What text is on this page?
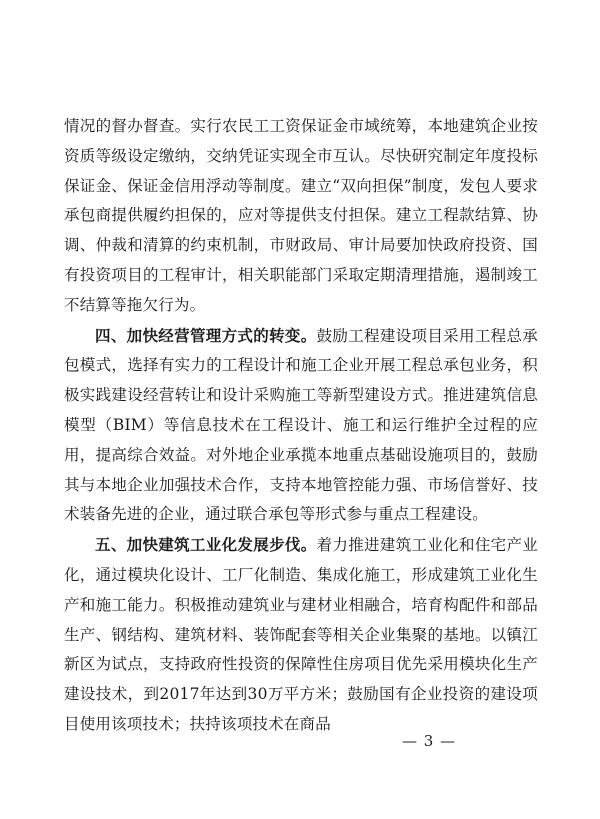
情况的督办督查。实行农民工工资保证金市域统筹，本地建筑企业按资质等级设定缴纳，交纳凭证实现全市互认。尽快研究制定年度投标保证金、保证金信用浮动等制度。建立“双向担保”制度，发包人要求承包商提供履约担保的，应对等提供支付担保。建立工程款结算、协调、仲裁和清算的约束机制，市财政局、审计局要加快政府投资、国有投资项目的工程审计，相关职能部门采取定期清理措施，遏制竣工不结算等拖欠行为。

四、加快经营管理方式的转变。鼓励工程建设项目采用工程总承包模式，选择有实力的工程设计和施工企业开展工程总承包业务，积极实践建设经营转让和设计采购施工等新型建设方式。推进建筑信息模型（BIM）等信息技术在工程设计、施工和运行维护全过程的应用，提高综合效益。对外地企业承揽本地重点基础设施项目的，鼓励其与本地企业加强技术合作，支持本地管控能力强、市场信誉好、技术装备先进的企业，通过联合承包等形式参与重点工程建设。

五、加快建筑工业化发展步伐。着力推进建筑工业化和住宅产业化，通过模块化设计、工厂化制造、集成化施工，形成建筑工业化生产和施工能力。积极推动建筑业与建材业相融合，培育构配件和部品生产、钢结构、建筑材料、装饰配套等相关企业集聚的基地。以镇江新区为试点，支持政府性投资的保障性住房项目优先采用模块化生产建设技术，到2017年达到30万平方米；鼓励国有企业投资的建设项目使用该项技术；扶持该项技术在商品

— 3 —
